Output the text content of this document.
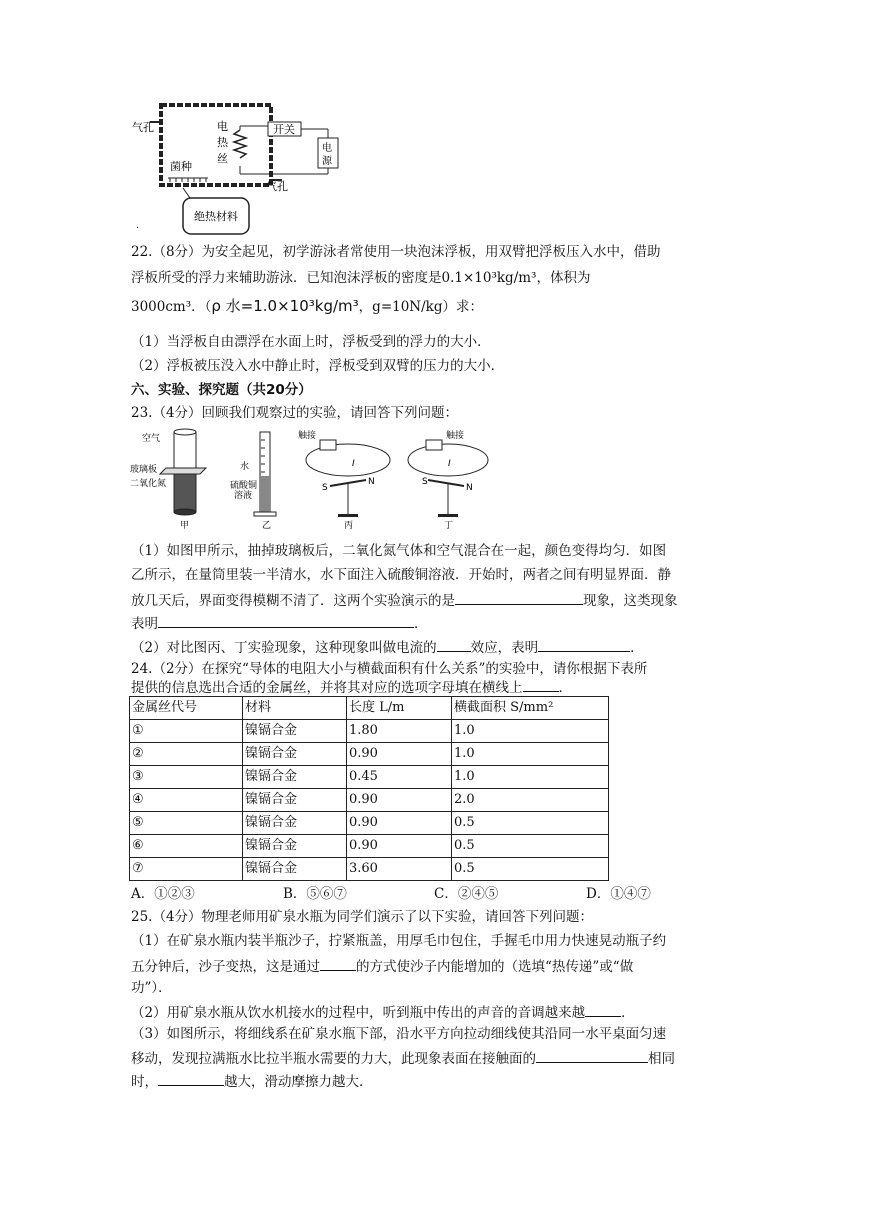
气孔	电
热
丝
开关
电
源
菌种
气孔
绝热材料
.
22.（8分）为安全起见，初学游泳者常使用一块泡沫浮板，用双臂把浮板压入水中，借助
浮板所受的浮力来辅助游泳．已知泡沫浮板的密度是0.1×10³kg/m³，体积为
3000cm³．（ρ 水=1.0×10³kg/m³，g=10N/kg）求：
（1）当浮板自由漂浮在水面上时，浮板受到的浮力的大小．
（2）浮板被压没入水中静止时，浮板受到双臂的压力的大小．
六、实验、探究题（共20分）
23.（4分）回顾我们观察过的实验，请回答下列问题：
空气
玻璃板
二氧化氮
甲
水
硫酸铜
溶液
乙
触接
I
S
N
丙
触接
I
S
N
丁
（1）如图甲所示，抽掉玻璃板后，二氧化氮气体和空气混合在一起，颜色变得均匀．如图
乙所示，在量筒里装一半清水，水下面注入硫酸铜溶液．开始时，两者之间有明显界面．静
放几天后，界面变得模糊不清了．这两个实验演示的是	现象，这类现象
表明	．
（2）对比图丙、丁实验现象，这种现象叫做电流的	效应，表明	．
24.（2分）在探究“导体的电阻大小与横截面积有什么关系”的实验中，请你根据下表所
提供的信息选出合适的金属丝，并将其对应的选项字母填在横线上	．
金属丝代号	材料	长度 L/m	横截面积 S/mm²
①	镍镉合金	1.80	1.0
②	镍镉合金	0.90	1.0
③	镍镉合金	0.45	1.0
④	镍镉合金	0.90	2.0
⑤	镍镉合金	0.90	0.5
⑥	镍镉合金	0.90	0.5
⑦	镍镉合金	3.60	0.5
A．①②③	B．⑤⑥⑦	C．②④⑤	D．①④⑦
25.（4分）物理老师用矿泉水瓶为同学们演示了以下实验，请回答下列问题：
（1）在矿泉水瓶内装半瓶沙子，拧紧瓶盖，用厚毛巾包住，手握毛巾用力快速晃动瓶子约
五分钟后，沙子变热，这是通过	的方式使沙子内能增加的（选填“热传递”或“做
功”）．
（2）用矿泉水瓶从饮水机接水的过程中，听到瓶中传出的声音的音调越来越	．
（3）如图所示，将细线系在矿泉水瓶下部，沿水平方向拉动细线使其沿同一水平桌面匀速
移动，发现拉满瓶水比拉半瓶水需要的力大，此现象表面在接触面的	相同
时，	越大，滑动摩擦力越大．
